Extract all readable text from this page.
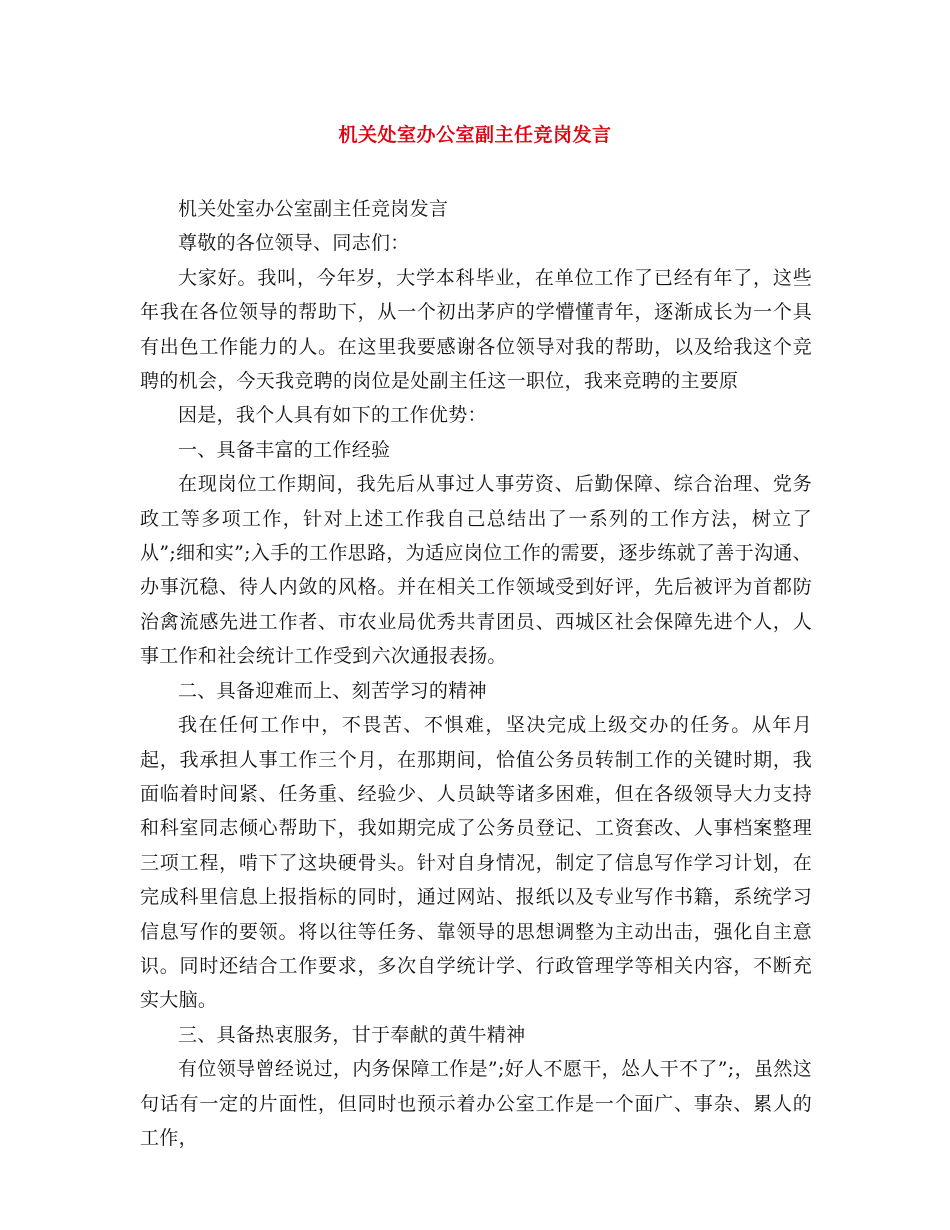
机关处室办公室副主任竞岗发言

机关处室办公室副主任竞岗发言

尊敬的各位领导、同志们：

大家好。我叫，今年岁，大学本科毕业，在单位工作了已经有年了，这些年我在各位领导的帮助下，从一个初出茅庐的学懵懂青年，逐渐成长为一个具有出色工作能力的人。在这里我要感谢各位领导对我的帮助，以及给我这个竞聘的机会，今天我竞聘的岗位是处副主任这一职位，我来竞聘的主要原

因是，我个人具有如下的工作优势：

一、具备丰富的工作经验

在现岗位工作期间，我先后从事过人事劳资、后勤保障、综合治理、党务政工等多项工作，针对上述工作我自己总结出了一系列的工作方法，树立了从”;细和实”;入手的工作思路，为适应岗位工作的需要，逐步练就了善于沟通、办事沉稳、待人内敛的风格。并在相关工作领域受到好评，先后被评为首都防治禽流感先进工作者、市农业局优秀共青团员、西城区社会保障先进个人，人事工作和社会统计工作受到六次通报表扬。

二、具备迎难而上、刻苦学习的精神

我在任何工作中，不畏苦、不惧难，坚决完成上级交办的任务。从年月起，我承担人事工作三个月，在那期间，恰值公务员转制工作的关键时期，我面临着时间紧、任务重、经验少、人员缺等诸多困难，但在各级领导大力支持和科室同志倾心帮助下，我如期完成了公务员登记、工资套改、人事档案整理三项工程，啃下了这块硬骨头。针对自身情况，制定了信息写作学习计划，在完成科里信息上报指标的同时，通过网站、报纸以及专业写作书籍，系统学习信息写作的要领。将以往等任务、靠领导的思想调整为主动出击，强化自主意识。同时还结合工作要求，多次自学统计学、行政管理学等相关内容，不断充实大脑。

三、具备热衷服务，甘于奉献的黄牛精神

有位领导曾经说过，内务保障工作是”;好人不愿干，怂人干不了”;，虽然这句话有一定的片面性，但同时也预示着办公室工作是一个面广、事杂、累人的工作，
